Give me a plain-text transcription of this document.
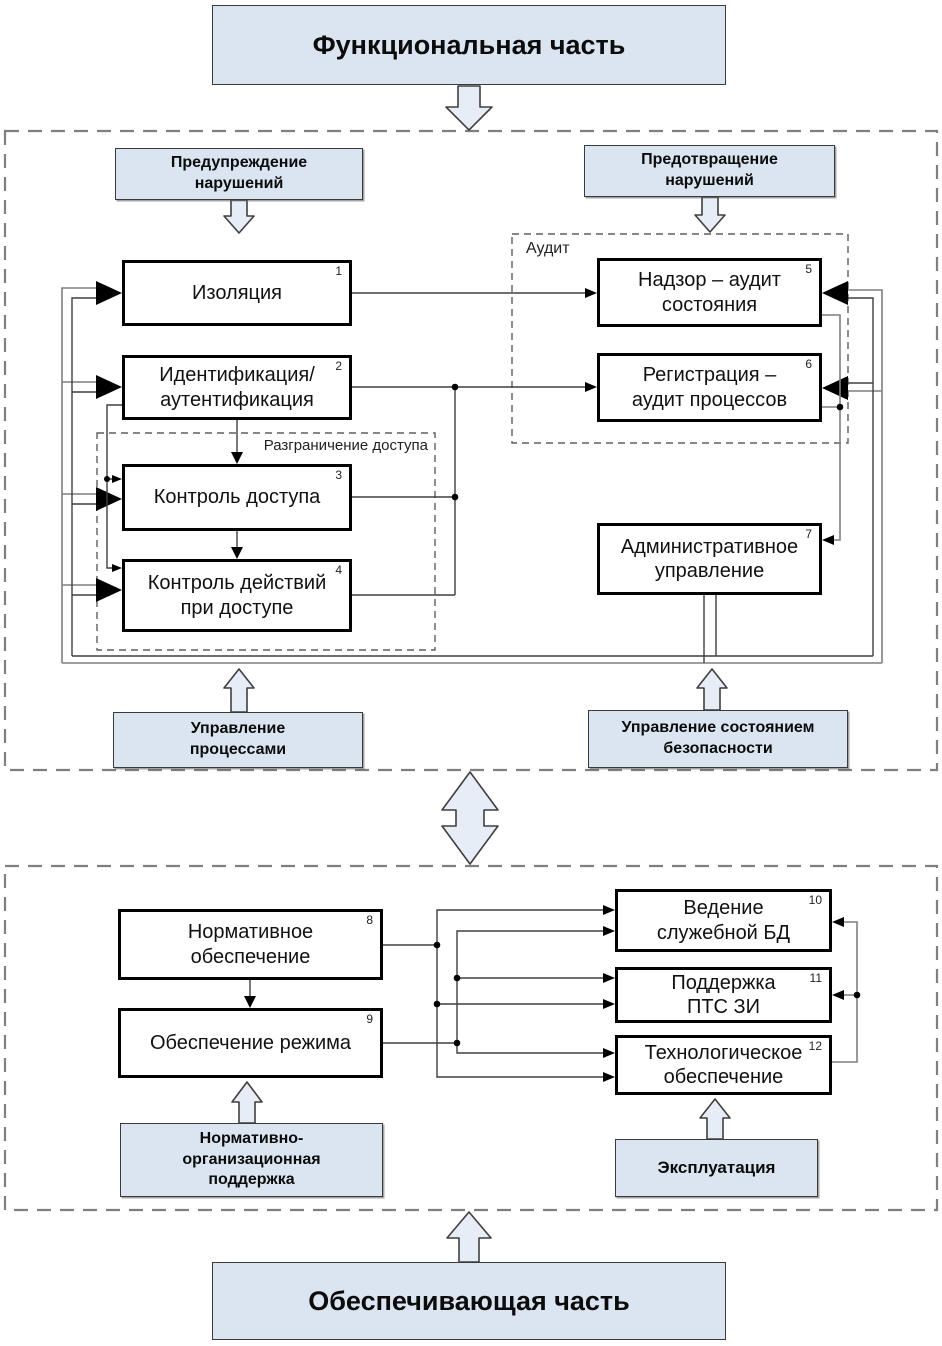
Функциональная часть
Обеспечивающая часть
Предупреждение
нарушений
Предотвращение
нарушений
Управление
процессами
Управление состоянием
безопасности
Нормативно-
организационная
поддержка
Эксплуатация
Аудит
Разграничение доступа
1
Изоляция
2
Идентификация/
аутентификация
3
Контроль доступа
4
Контроль действий
при доступе
5
Надзор – аудит
состояния
6
Регистрация –
аудит процессов
7
Административное
управление
8
Нормативное
обеспечение
9
Обеспечение режима
10
Ведение
служебной БД
11
Поддержка
ПТС ЗИ
12
Технологическое
обеспечение
